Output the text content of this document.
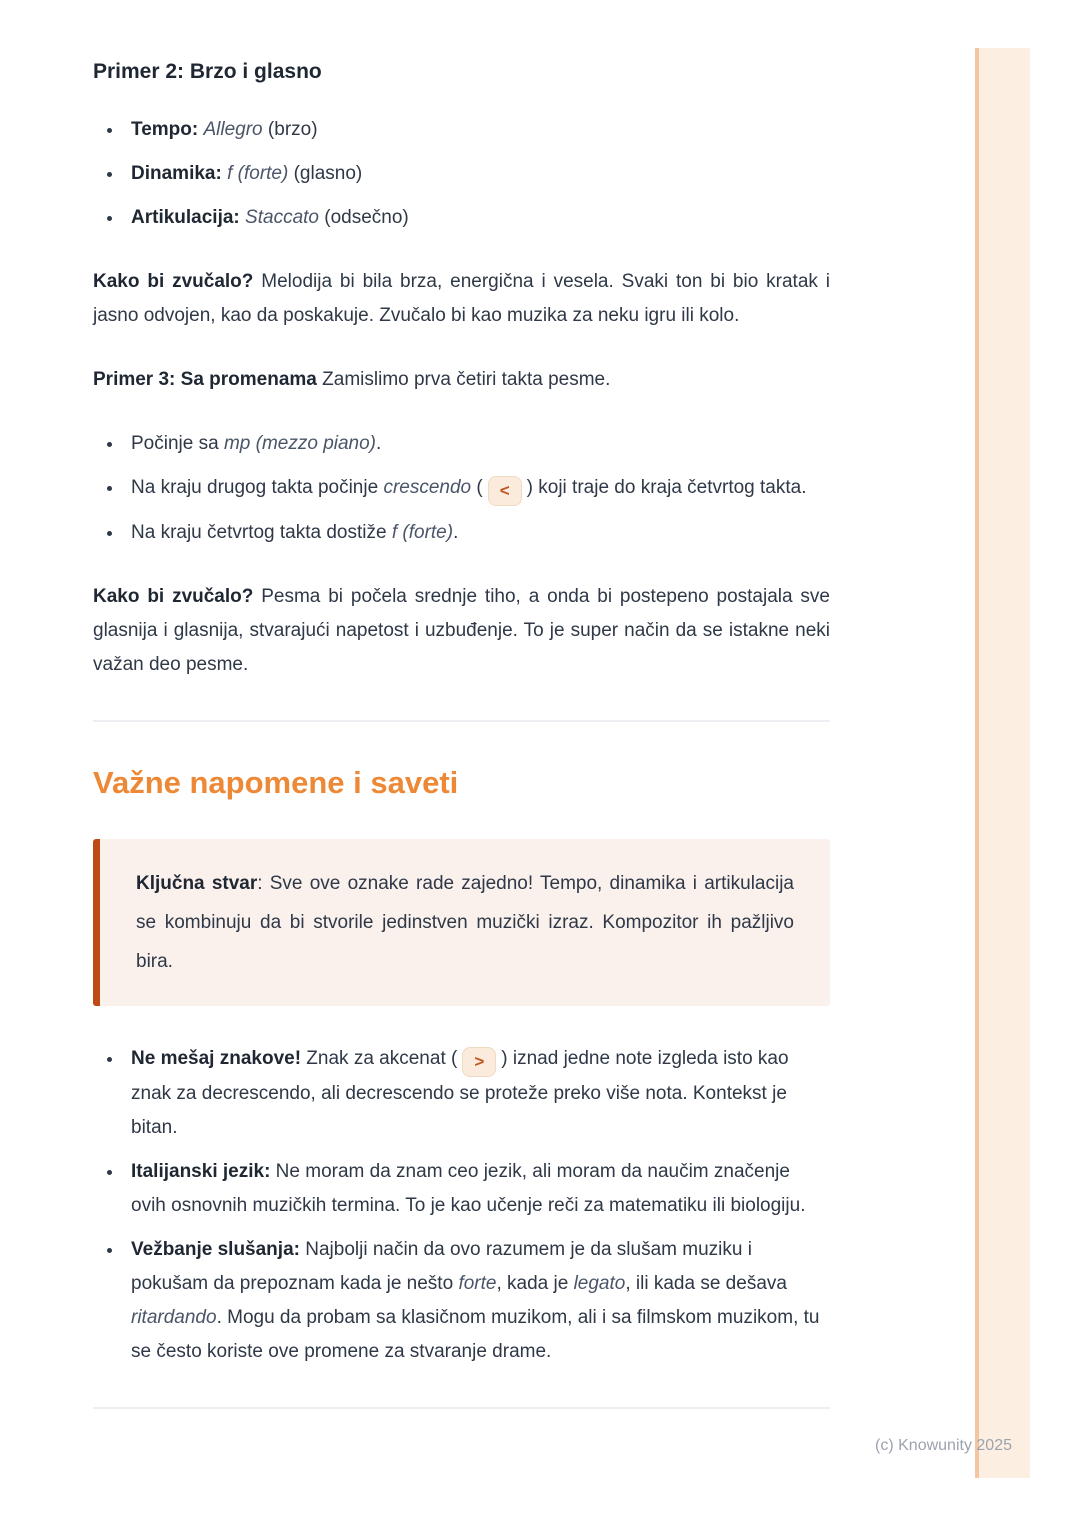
Primer 2: Brzo i glasno
• Tempo: Allegro (brzo)
• Dinamika: f (forte) (glasno)
• Artikulacija: Staccato (odsečno)

Kako bi zvučalo? Melodija bi bila brza, energična i vesela. Svaki ton bi bio kratak i jasno odvojen, kao da poskakuje. Zvučalo bi kao muzika za neku igru ili kolo.

Primer 3: Sa promenama Zamislimo prva četiri takta pesme.

• Počinje sa mp (mezzo piano).
• Na kraju drugog takta počinje crescendo ( < ) koji traje do kraja četvrtog takta.
• Na kraju četvrtog takta dostiže f (forte).

Kako bi zvučalo? Pesma bi počela srednje tiho, a onda bi postepeno postajala sve glasnija i glasnija, stvarajući napetost i uzbuđenje. To je super način da se istakne neki važan deo pesme.

Važne napomene i saveti

Ključna stvar: Sve ove oznake rade zajedno! Tempo, dinamika i artikulacija se kombinuju da bi stvorile jedinstven muzički izraz. Kompozitor ih pažljivo bira.

• Ne mešaj znakove! Znak za akcenat ( > ) iznad jedne note izgleda isto kao znak za decrescendo, ali decrescendo se proteže preko više nota. Kontekst je bitan.
• Italijanski jezik: Ne moram da znam ceo jezik, ali moram da naučim značenje ovih osnovnih muzičkih termina. To je kao učenje reči za matematiku ili biologiju.
• Vežbanje slušanja: Najbolji način da ovo razumem je da slušam muziku i pokušam da prepoznam kada je nešto forte, kada je legato, ili kada se dešava ritardando. Mogu da probam sa klasičnom muzikom, ali i sa filmskom muzikom, tu se često koriste ove promene za stvaranje drame.
(c) Knowunity 2025
